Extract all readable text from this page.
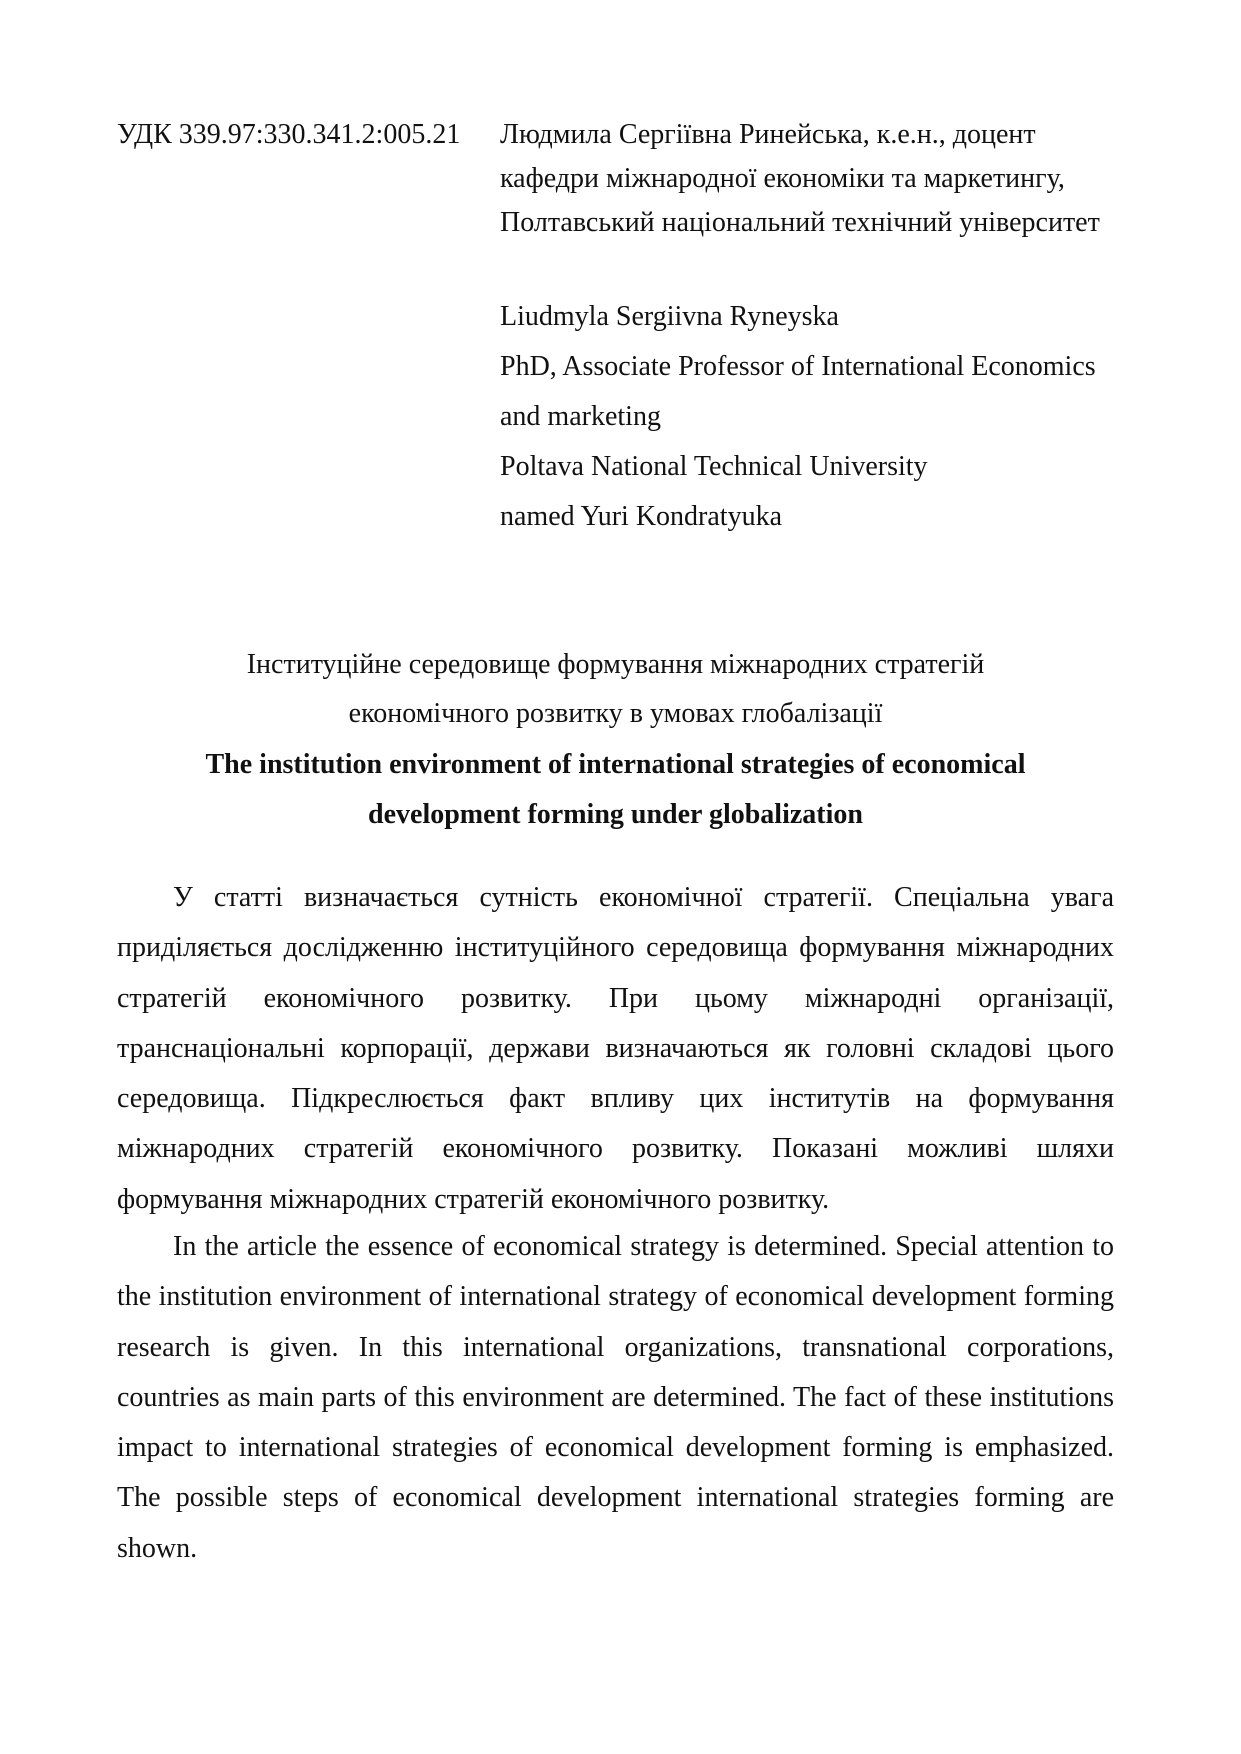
УДК 339.97:330.341.2:005.21 Людмила Сергіївна Ринейська, к.е.н., доцент
кафедри міжнародної економіки та маркетингу,
Полтавський національний технічний університет
Liudmyla Sergiivna Ryneyska
PhD, Associate Professor of International Economics
and marketing
Poltava National Technical University
named Yuri Kondratyuka
Інституційне середовище формування міжнародних стратегій
економічного розвитку в умовах глобалізації
The institution environment of international strategies of economical
development forming under globalization

У статті визначається сутність економічної стратегії. Спеціальна увага приділяється дослідженню інституційного середовища формування міжнародних стратегій економічного розвитку. При цьому міжнародні організації, транснаціональні корпорації, держави визначаються як головні складові цього середовища. Підкреслюється факт впливу цих інститутів на формування міжнародних стратегій економічного розвитку. Показані можливі шляхи формування міжнародних стратегій економічного розвитку.

In the article the essence of economical strategy is determined. Special attention to the institution environment of international strategy of economical development forming research is given. In this international organizations, transnational corporations, countries as main parts of this environment are determined. The fact of these institutions impact to international strategies of economical development forming is emphasized. The possible steps of economical development international strategies forming are shown.
